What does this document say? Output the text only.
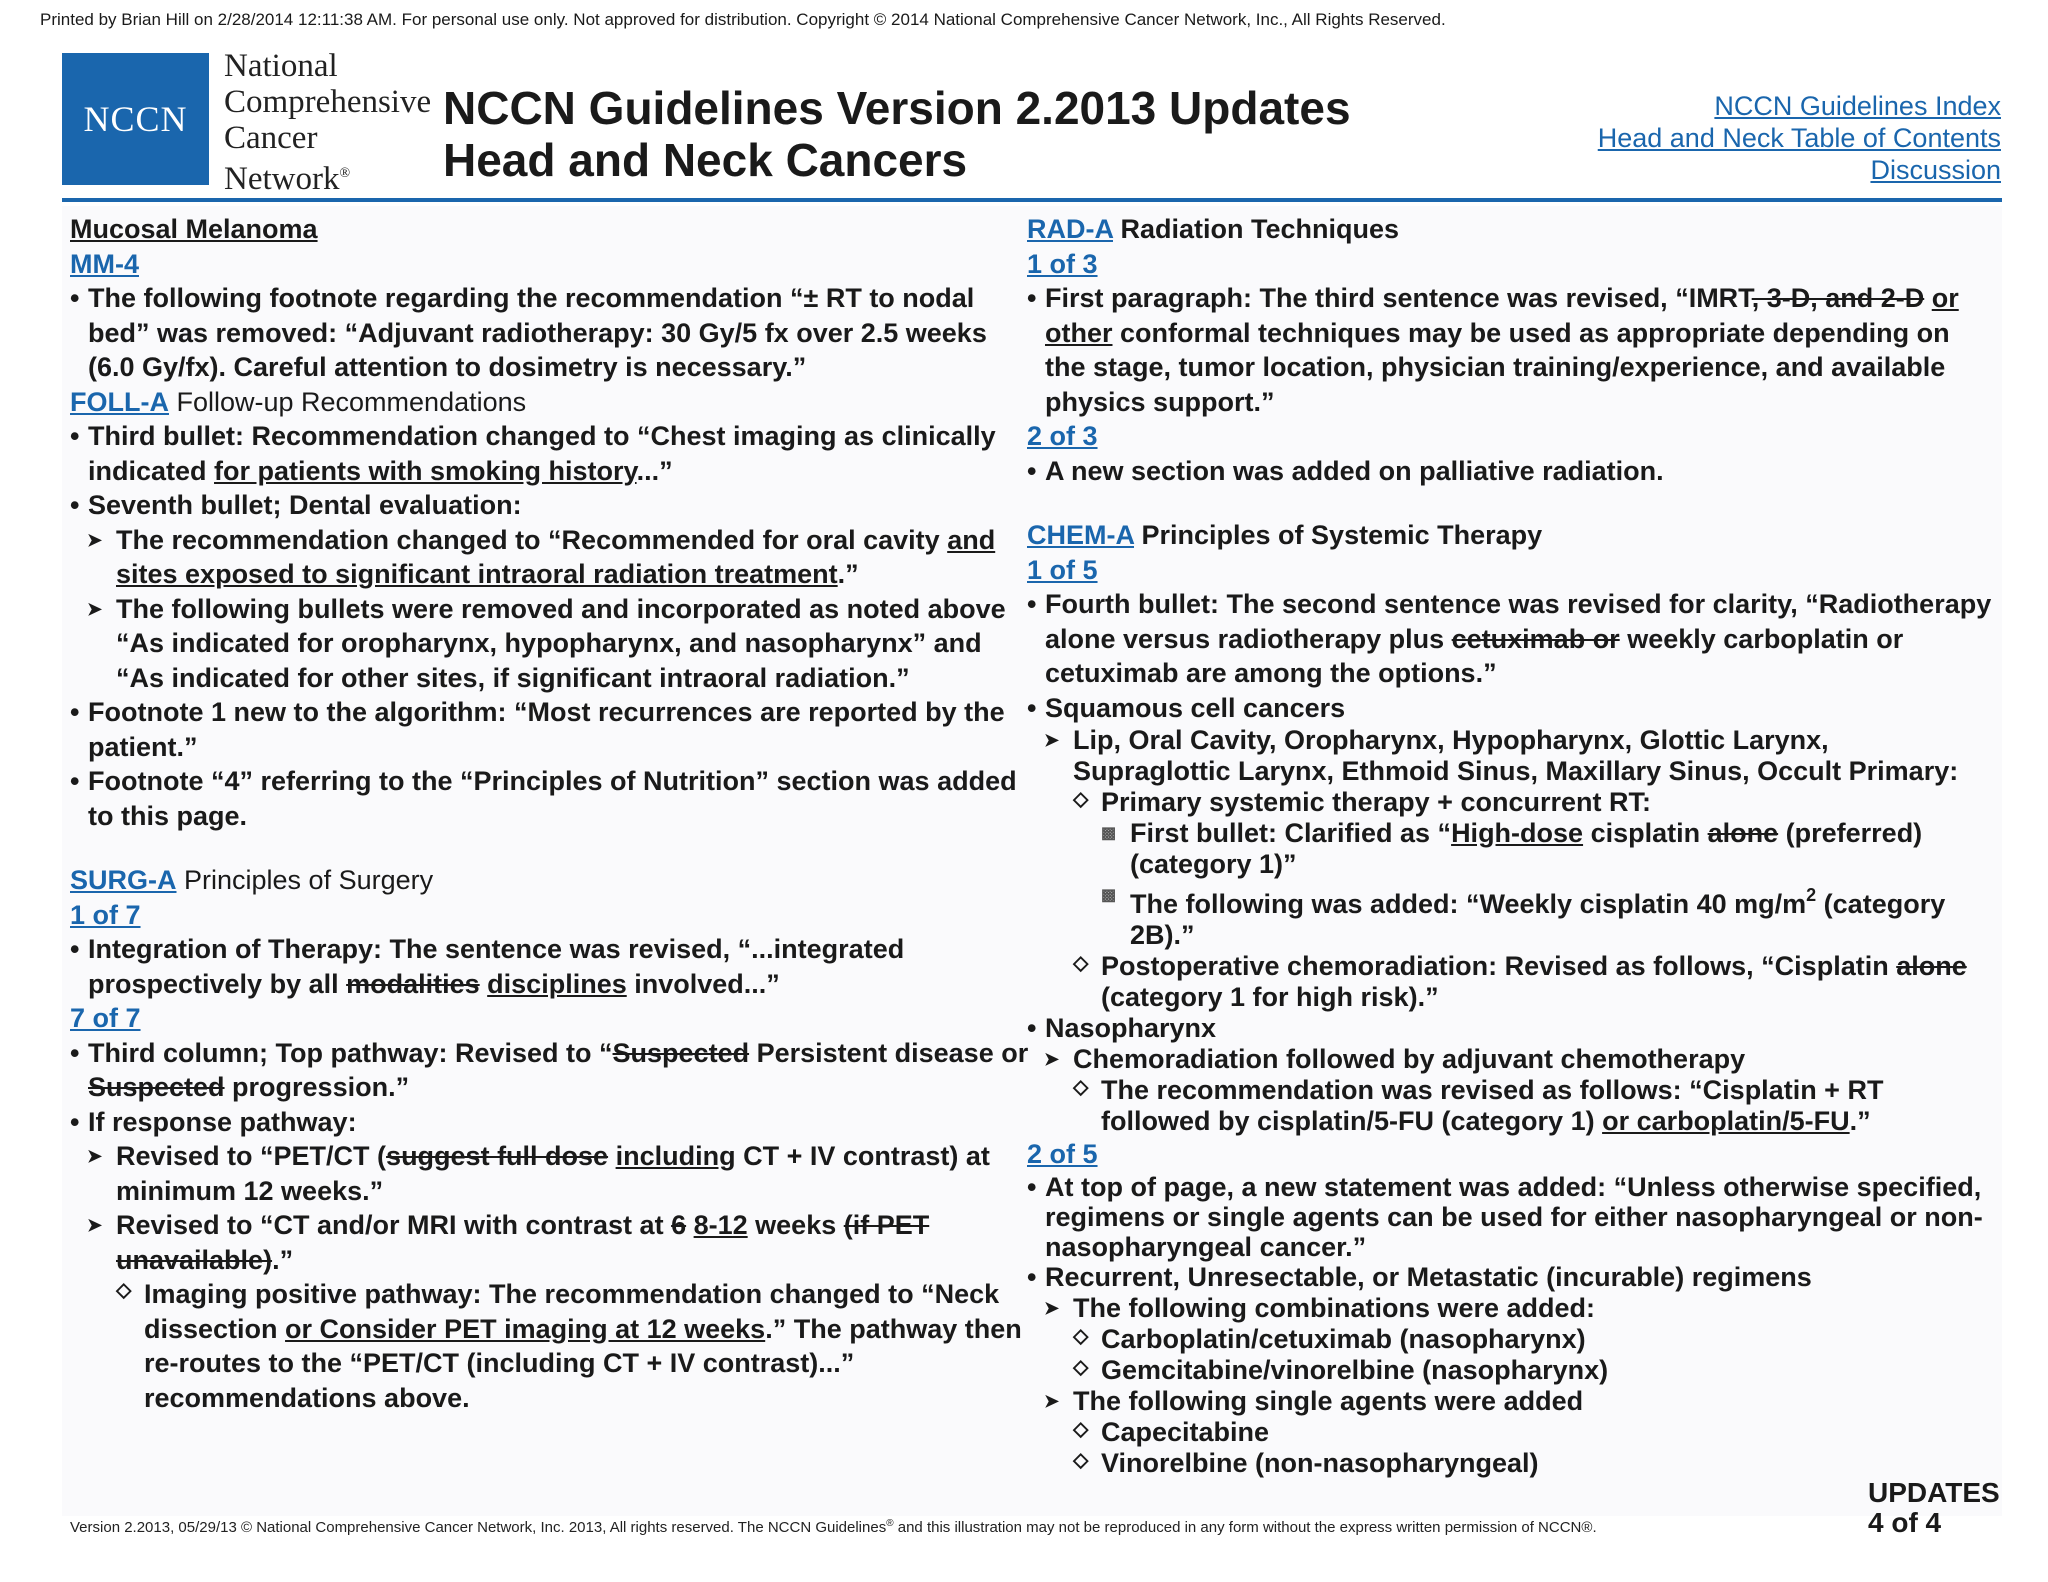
Printed by Brian Hill on 2/28/2014 12:11:38 AM. For personal use only. Not approved for distribution. Copyright © 2014 National Comprehensive Cancer Network, Inc., All Rights Reserved.
NCCN
National
Comprehensive
Cancer
Network®
NCCN Guidelines Version 2.2013 Updates
Head and Neck Cancers
NCCN Guidelines Index
Head and Neck Table of Contents
Discussion
Mucosal Melanoma
MM-4
• The following footnote regarding the recommendation “± RT to nodal bed” was removed: “Adjuvant radiotherapy: 30 Gy/5 fx over 2.5 weeks (6.0 Gy/fx). Careful attention to dosimetry is necessary.”
FOLL-A Follow-up Recommendations
• Third bullet: Recommendation changed to “Chest imaging as clinically indicated for patients with smoking history...”
• Seventh bullet; Dental evaluation:
➤ The recommendation changed to “Recommended for oral cavity and sites exposed to significant intraoral radiation treatment.”
➤ The following bullets were removed and incorporated as noted above “As indicated for oropharynx, hypopharynx, and nasopharynx” and “As indicated for other sites, if significant intraoral radiation.”
• Footnote 1 new to the algorithm: “Most recurrences are reported by the patient.”
• Footnote “4” referring to the “Principles of Nutrition” section was added to this page.
SURG-A Principles of Surgery
1 of 7
• Integration of Therapy: The sentence was revised, “...integrated prospectively by all modalities disciplines involved...”
7 of 7
• Third column; Top pathway: Revised to “Suspected Persistent disease or Suspected progression.”
• If response pathway:
➤ Revised to “PET/CT (suggest full dose including CT + IV contrast) at minimum 12 weeks.”
➤ Revised to “CT and/or MRI with contrast at 6 8-12 weeks (if PET unavailable).”
⬦ Imaging positive pathway: The recommendation changed to “Neck dissection or Consider PET imaging at 12 weeks.” The pathway then re-routes to the “PET/CT (including CT + IV contrast)...” recommendations above.
RAD-A Radiation Techniques
1 of 3
• First paragraph: The third sentence was revised, “IMRT, 3-D, and 2-D or other conformal techniques may be used as appropriate depending on the stage, tumor location, physician training/experience, and available physics support.”
2 of 3
• A new section was added on palliative radiation.
CHEM-A Principles of Systemic Therapy
1 of 5
• Fourth bullet: The second sentence was revised for clarity, “Radiotherapy alone versus radiotherapy plus cetuximab or weekly carboplatin or cetuximab are among the options.”
• Squamous cell cancers
➤ Lip, Oral Cavity, Oropharynx, Hypopharynx, Glottic Larynx, Supraglottic Larynx, Ethmoid Sinus, Maxillary Sinus, Occult Primary:
⬦ Primary systemic therapy + concurrent RT:
▩ First bullet: Clarified as “High-dose cisplatin alone (preferred) (category 1)”
▩ The following was added: “Weekly cisplatin 40 $mg/m^2$ (category 2B).”
⬦ Postoperative chemoradiation: Revised as follows, “Cisplatin alone (category 1 for high risk).”
• Nasopharynx
➤ Chemoradiation followed by adjuvant chemotherapy
⬦ The recommendation was revised as follows: “Cisplatin + RT followed by cisplatin/5-FU (category 1) or carboplatin/5-FU.”
2 of 5
• At top of page, a new statement was added: “Unless otherwise specified, regimens or single agents can be used for either nasopharyngeal or non-nasopharyngeal cancer.”
• Recurrent, Unresectable, or Metastatic (incurable) regimens
➤ The following combinations were added:
⬦ Carboplatin/cetuximab (nasopharynx)
⬦ Gemcitabine/vinorelbine (nasopharynx)
➤ The following single agents were added
⬦ Capecitabine
⬦ Vinorelbine (non-nasopharyngeal)
UPDATES
4 of 4
Version 2.2013, 05/29/13 © National Comprehensive Cancer Network, Inc. 2013, All rights reserved. The NCCN Guidelines® and this illustration may not be reproduced in any form without the express written permission of NCCN®.
